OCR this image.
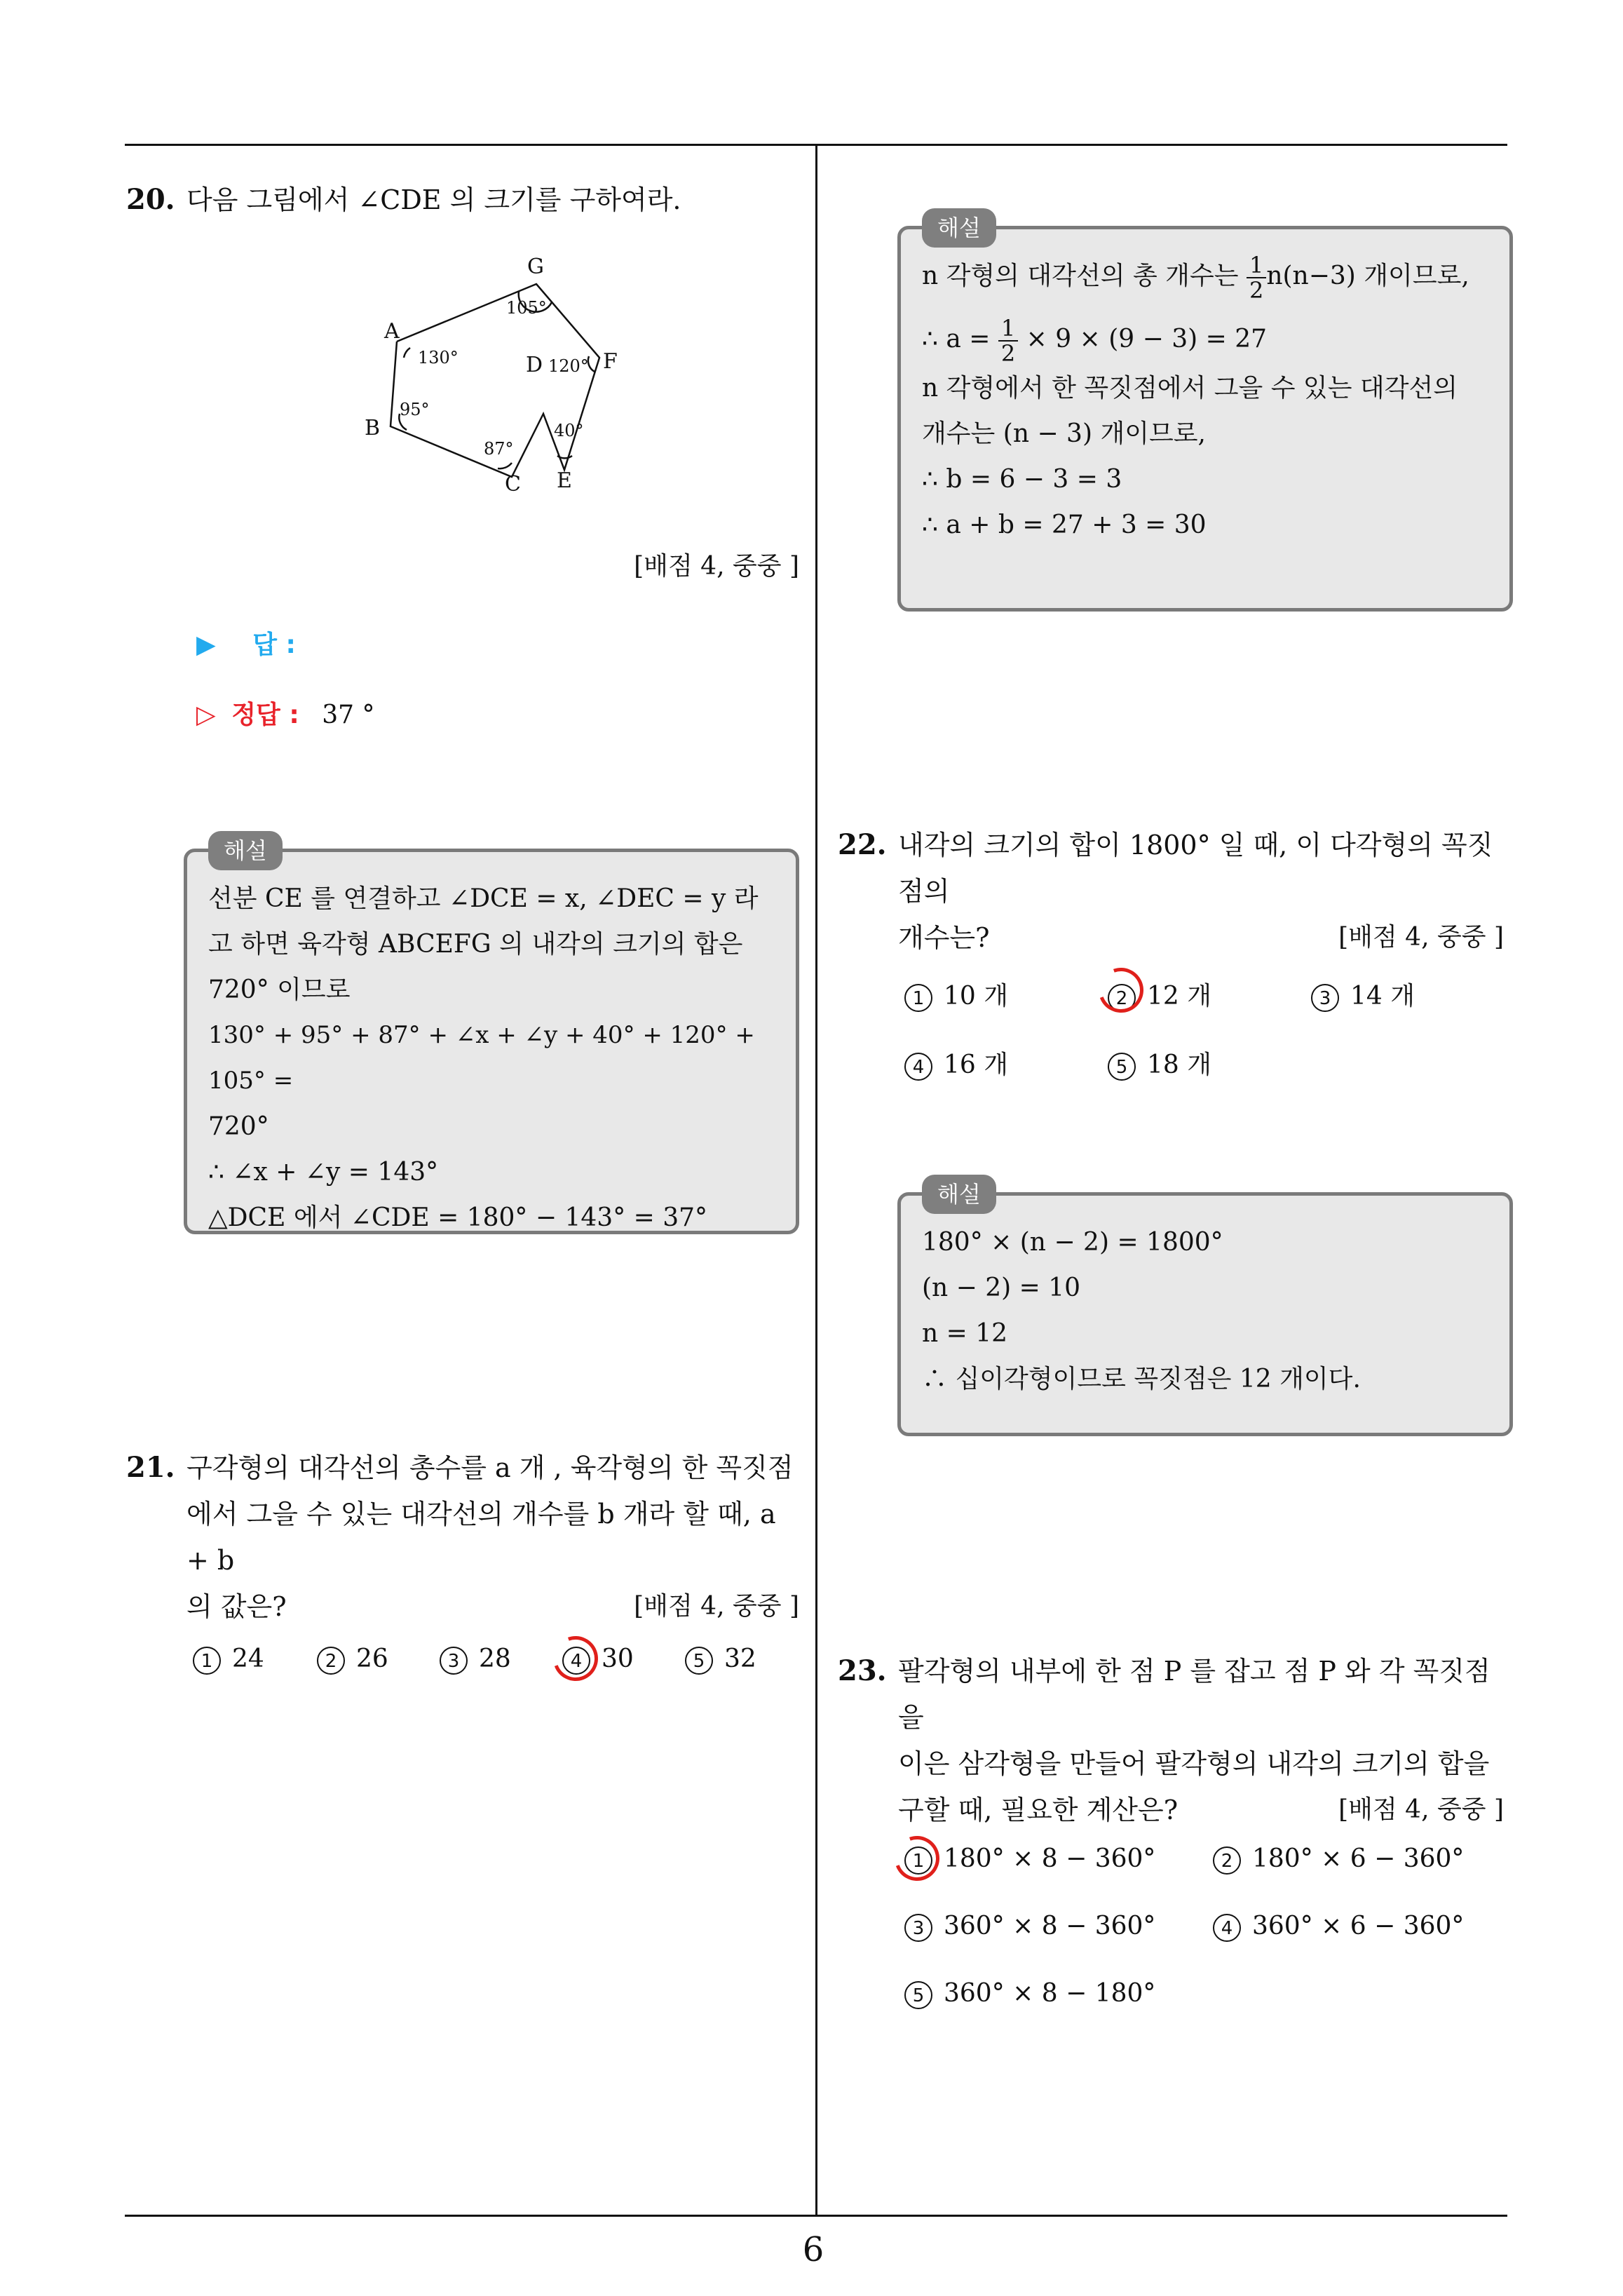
20. 다음 그림에서 ∠CDE 의 크기를 구하여라.
G
A
D	F
B
C E
105°
130°	120°
95°
87°
40°
[배점 4, 중중 ]
▶ 답 :
▷ 정답 : 37 °
해설

선분 CE 를 연결하고 ∠DCE = x, ∠DEC = y 라

고 하면 육각형 ABCEFG 의 내각의 크기의 합은

720° 이므로

130° + 95° + 87° + ∠x + ∠y + 40° + 120° + 105° =

720°

∴ ∠x + ∠y = 143°

△DCE 에서 ∠CDE = 180° − 143° = 37°

21. 구각형의 대각선의 총수를 a 개 , 육각형의 한 꼭짓점
에서 그을 수 있는 대각선의 개수를 b 개라 할 때, a + b
의 값은?	[배점 4, 중중 ]
1 24	2 26	3 28	4 30	5 32
해설

n 각형의 대각선의 총 개수는 $\frac{1}{2} n(n-3)$ 개이므로,

∴ $a = \frac{1}{2} \times 9 \times (9 - 3) = 27$

n 각형에서 한 꼭짓점에서 그을 수 있는 대각선의

개수는 (n − 3) 개이므로,

∴ b = 6 − 3 = 3

∴ a + b = 27 + 3 = 30

22. 내각의 크기의 합이 1800° 일 때, 이 다각형의 꼭짓점의
개수는?	[배점 4, 중중 ]
1 10 개	2 12 개	3 14 개
4 16 개	5 18 개
해설

180° × (n − 2) = 1800°

(n − 2) = 10

n = 12

∴ 십이각형이므로 꼭짓점은 12 개이다.

23. 팔각형의 내부에 한 점 P 를 잡고 점 P 와 각 꼭짓점을
이은 삼각형을 만들어 팔각형의 내각의 크기의 합을
구할 때, 필요한 계산은?	[배점 4, 중중 ]
1 180° × 8 − 360°	2 180° × 6 − 360°
3 360° × 8 − 360°	4 360° × 6 − 360°
5 360° × 8 − 180°
6
